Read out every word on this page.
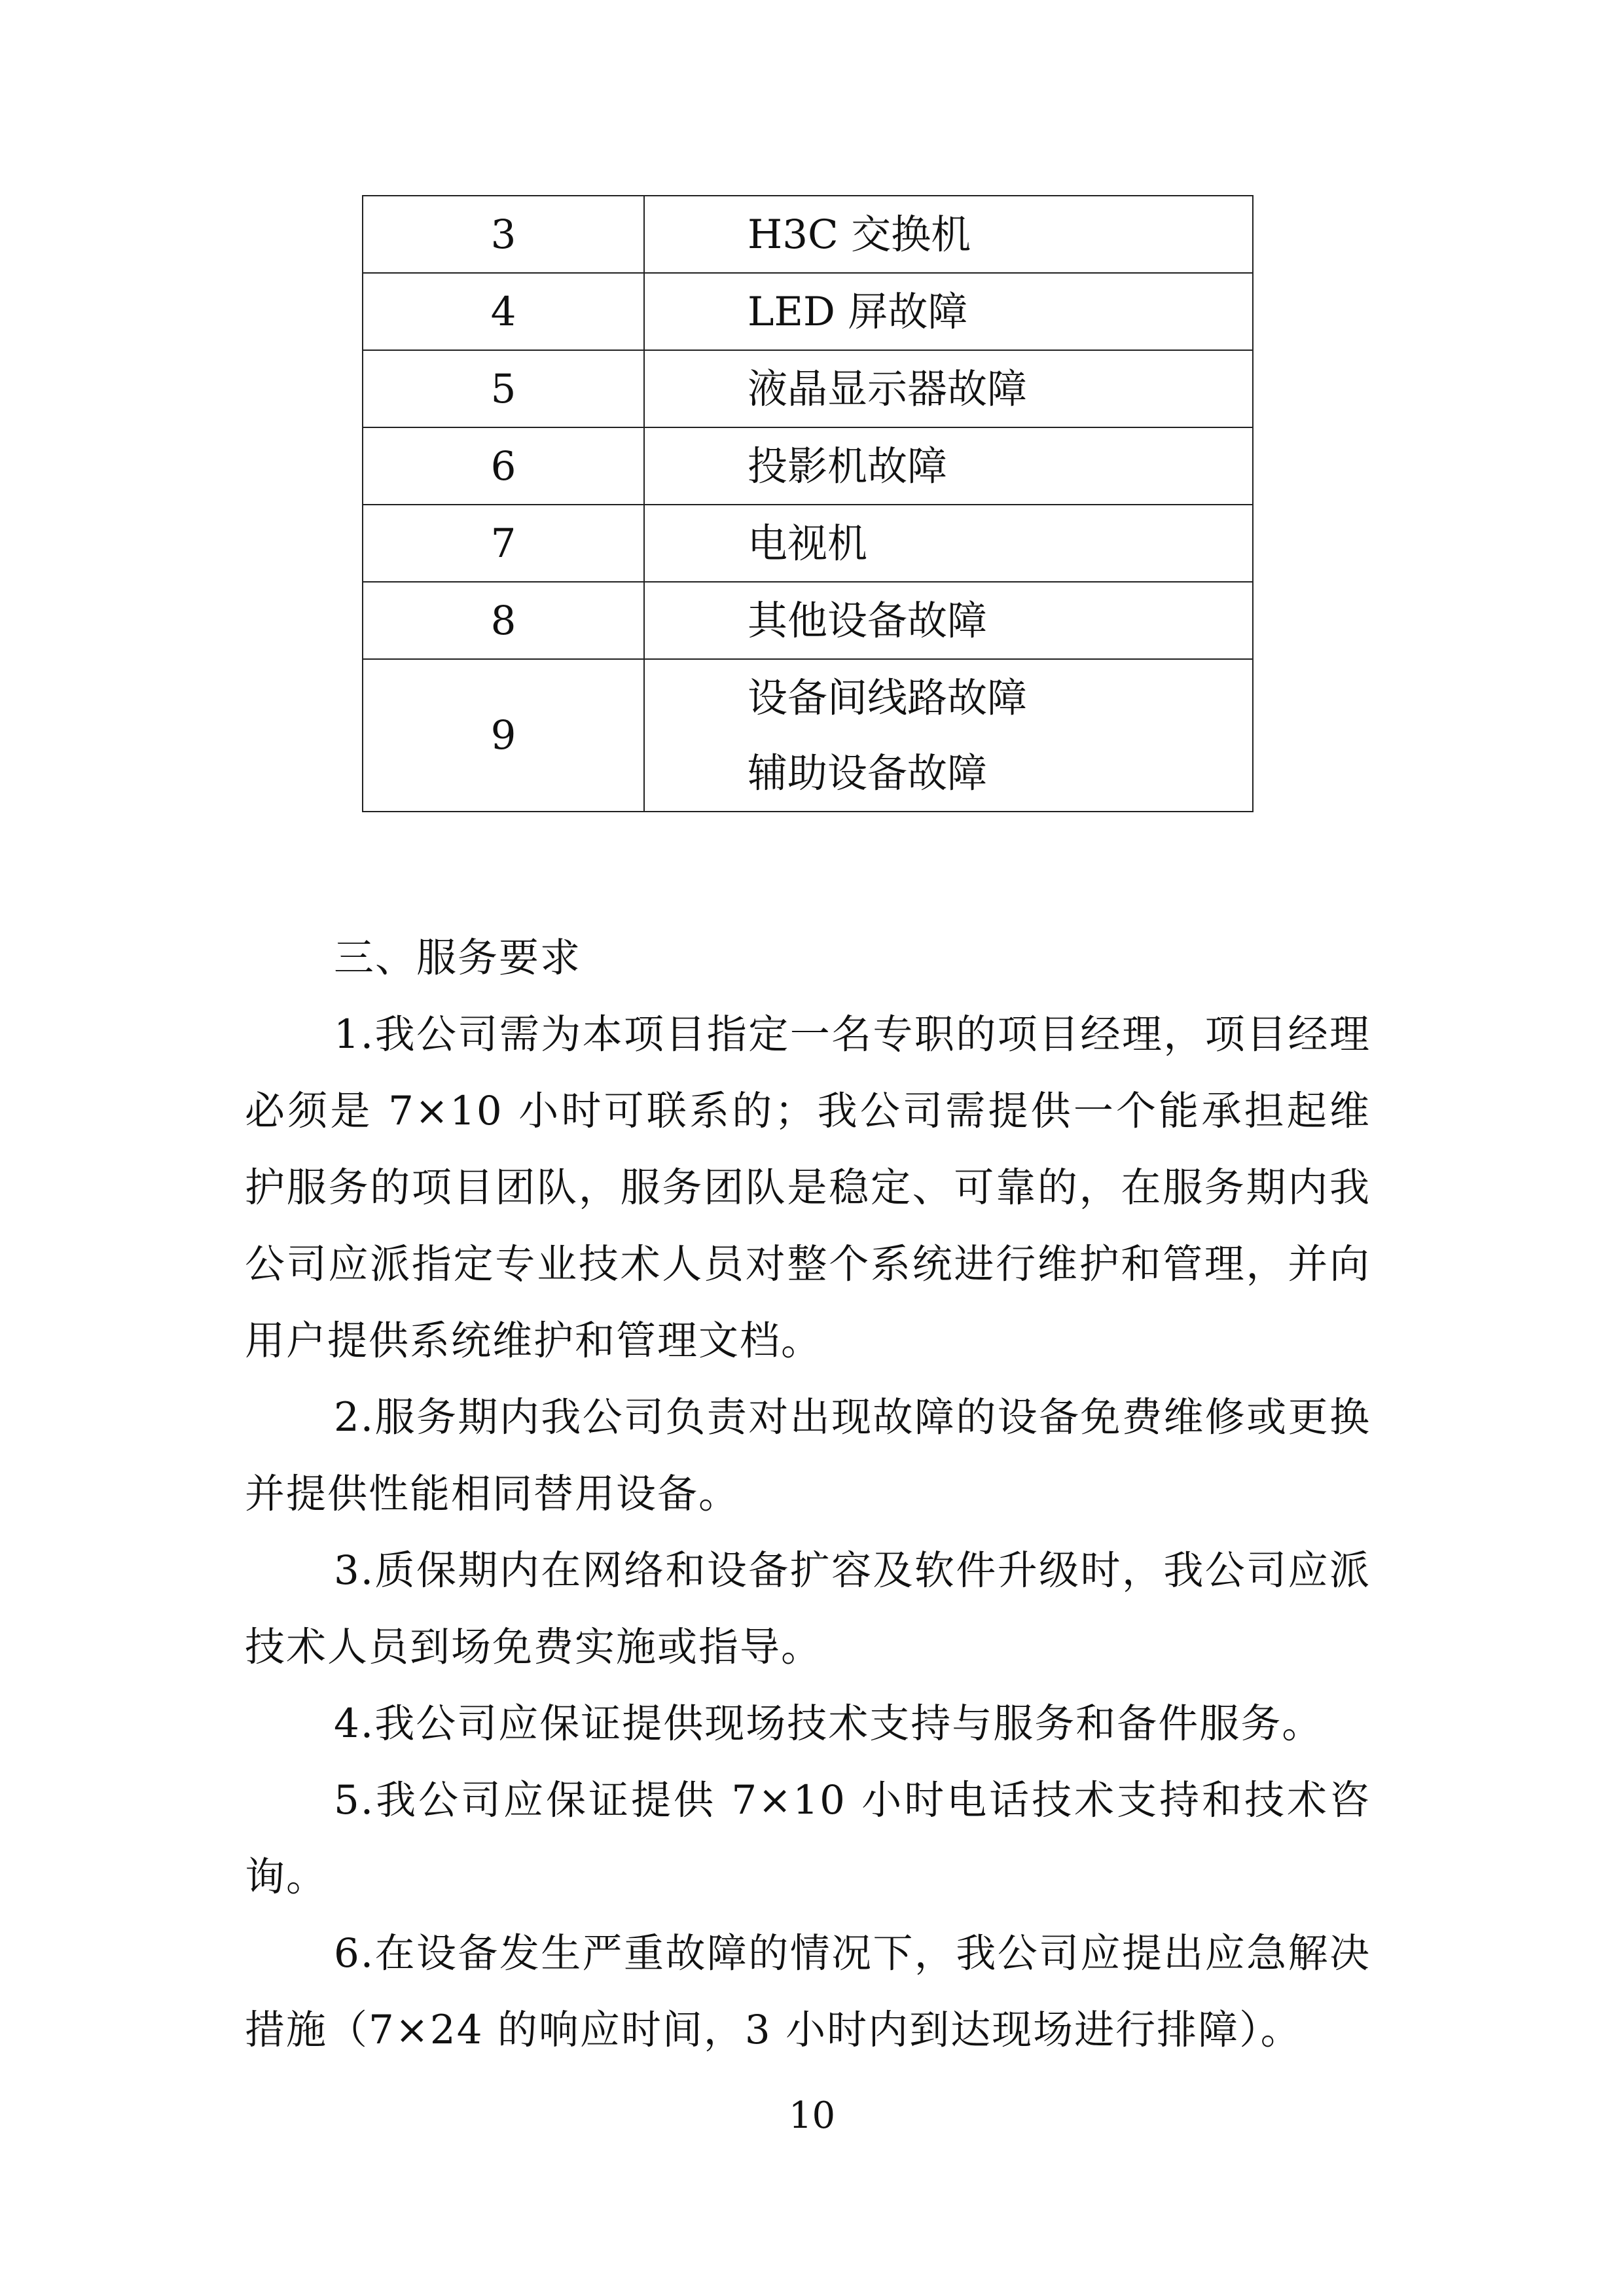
3	H3C 交换机

4	LED 屏故障

5	液晶显示器故障

6	投影机故障

7	电视机

8	其他设备故障

9	设备间线路故障
辅助设备故障

三、服务要求

1.我公司需为本项目指定一名专职的项目经理，项目经理必须是 7×10 小时可联系的；我公司需提供一个能承担起维护服务的项目团队，服务团队是稳定、可靠的，在服务期内我公司应派指定专业技术人员对整个系统进行维护和管理，并向用户提供系统维护和管理文档。

2.服务期内我公司负责对出现故障的设备免费维修或更换并提供性能相同替用设备。

3.质保期内在网络和设备扩容及软件升级时，我公司应派技术人员到场免费实施或指导。

4.我公司应保证提供现场技术支持与服务和备件服务。

5.我公司应保证提供 7×10 小时电话技术支持和技术咨询。

6.在设备发生严重故障的情况下，我公司应提出应急解决措施（7×24 的响应时间，3 小时内到达现场进行排障）。

10
